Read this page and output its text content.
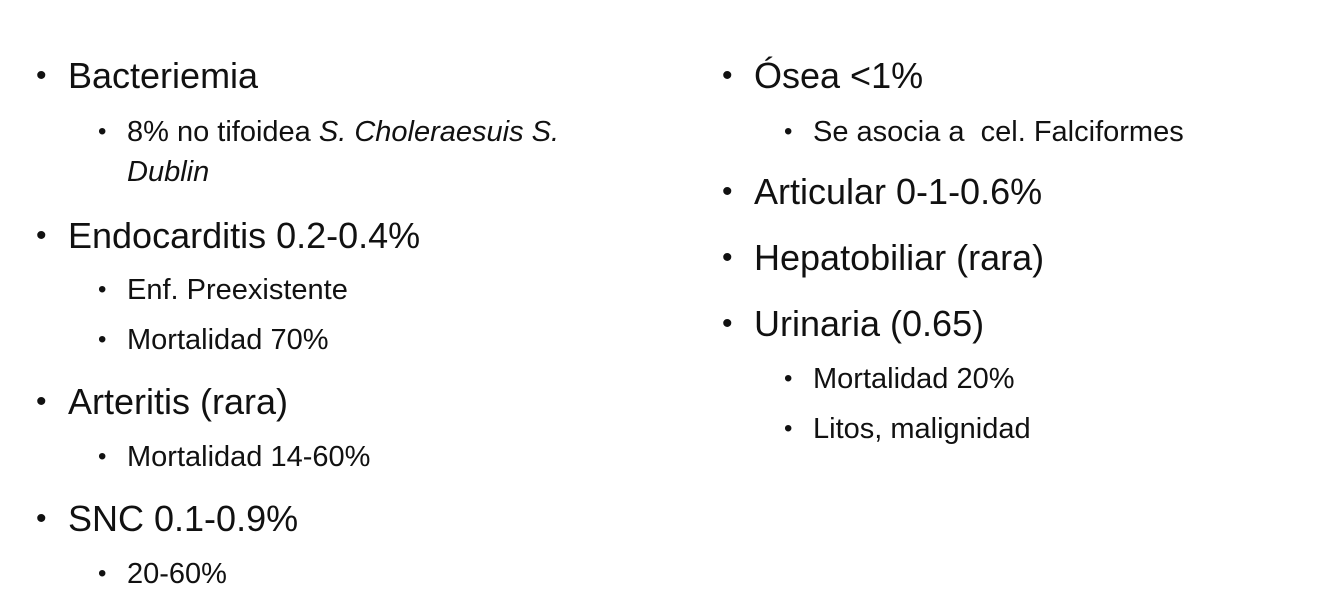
• Bacteriemia
• 8% no tifoidea S. Choleraesuis S.
Dublin
• Endocarditis 0.2-0.4%
• Enf. Preexistente
• Mortalidad 70%
• Arteritis (rara)
• Mortalidad 14-60%
• SNC 0.1-0.9%
• 20-60%
• Ósea <1%
• Se asocia a  cel. Falciformes
• Articular 0-1-0.6%
• Hepatobiliar (rara)
• Urinaria (0.65)
• Mortalidad 20%
• Litos, malignidad
